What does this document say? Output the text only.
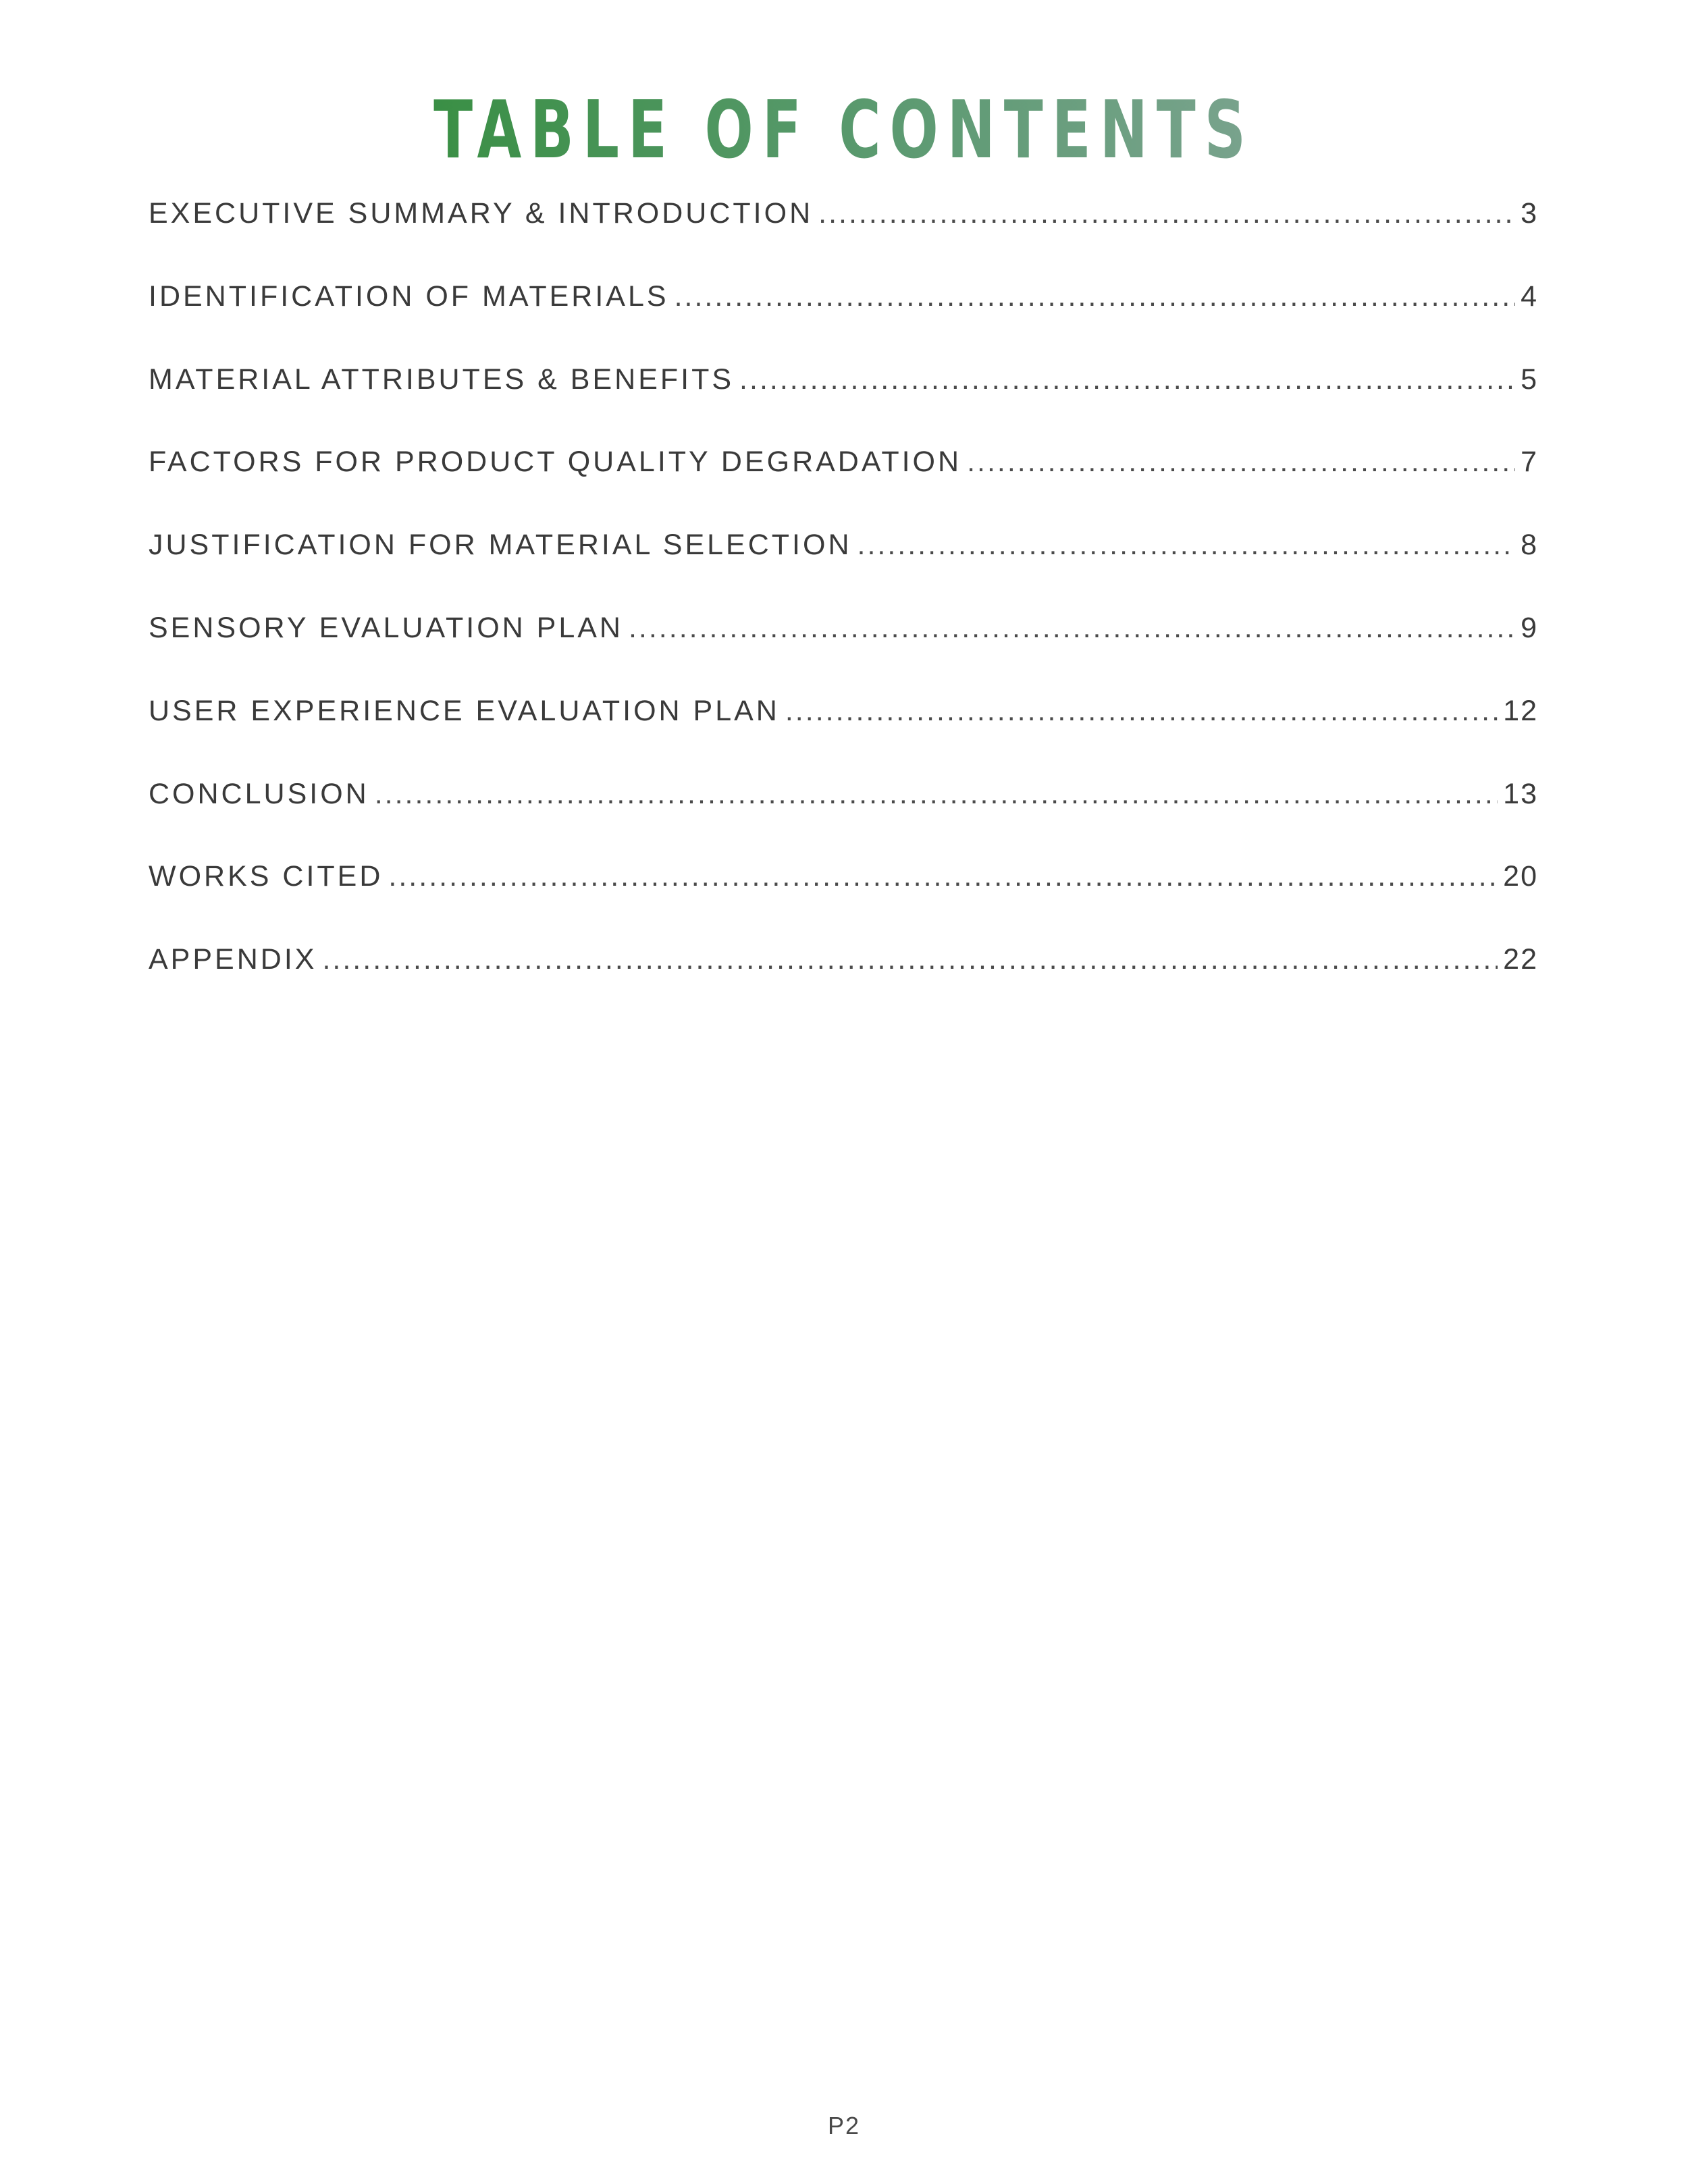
TABLE OF CONTENTS
EXECUTIVE SUMMARY & INTRODUCTION .....	3
IDENTIFICATION OF MATERIALS .....	4
MATERIAL ATTRIBUTES & BENEFITS .....	5
FACTORS FOR PRODUCT QUALITY DEGRADATION .....	7
JUSTIFICATION FOR MATERIAL SELECTION .....	8
SENSORY EVALUATION PLAN .....	9
USER EXPERIENCE EVALUATION PLAN .....	12
CONCLUSION .....	13
WORKS CITED .....	20
APPENDIX .....	22
P2
